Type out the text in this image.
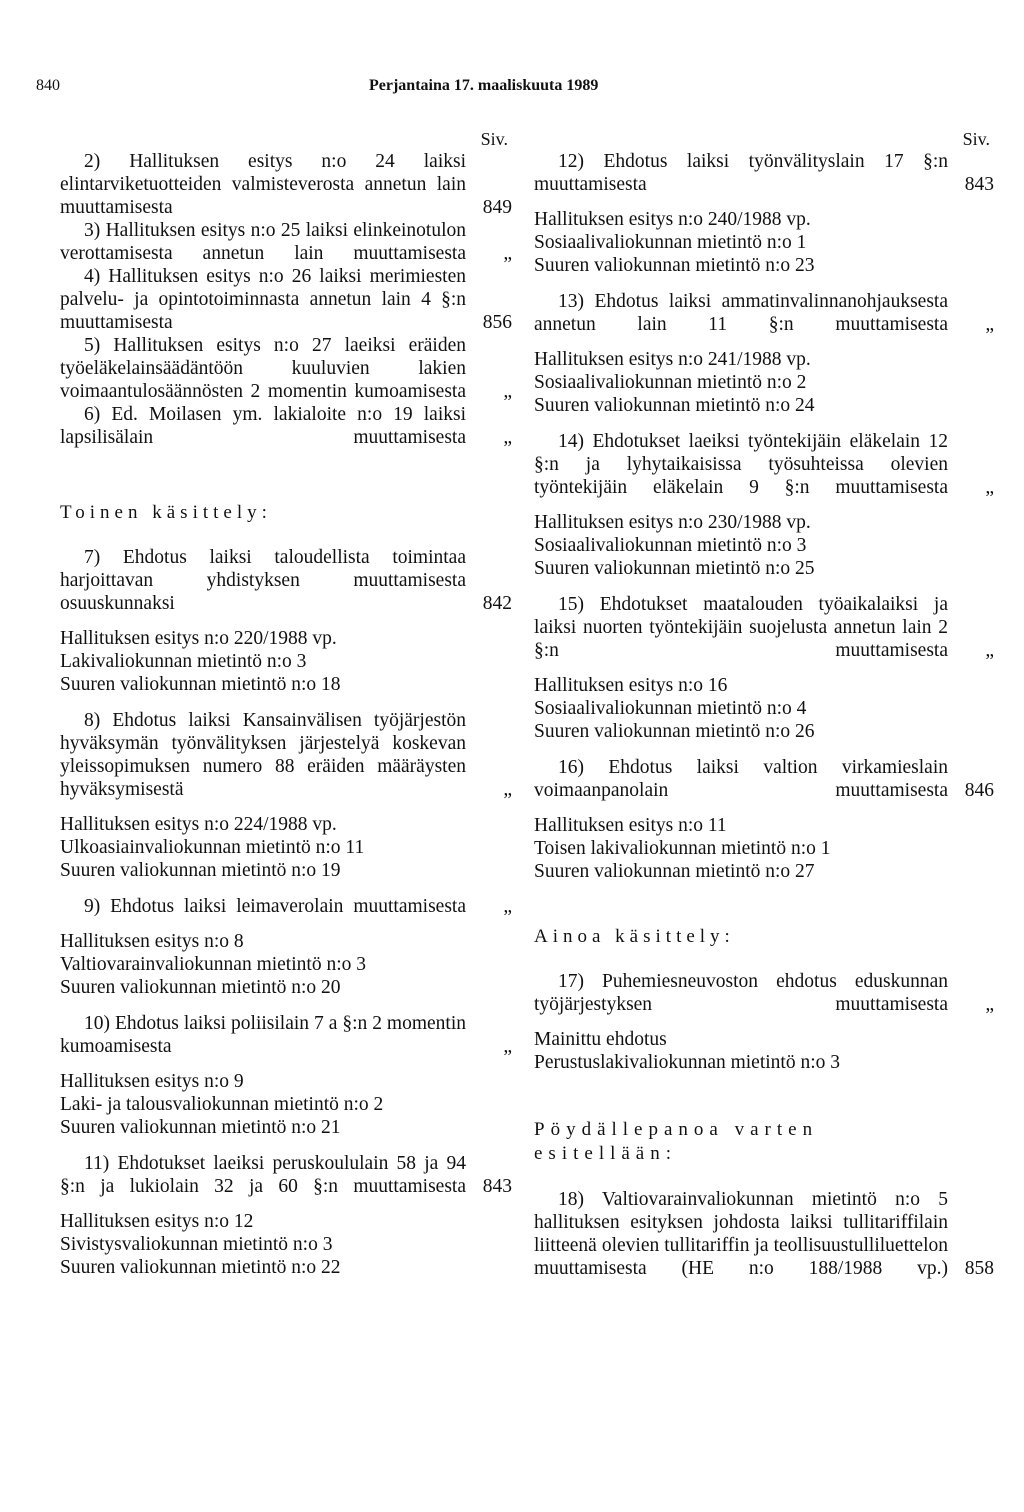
840	Perjantaina 17. maaliskuuta 1989
Siv.
2) Hallituksen esitys n:o 24 laiksi elintarviketuotteiden valmisteverosta annetun lain muuttamisesta	849
3) Hallituksen esitys n:o 25 laiksi elinkeinotulon verottamisesta annetun lain muuttamisesta	„
4) Hallituksen esitys n:o 26 laiksi merimiesten palvelu- ja opintotoiminnasta annetun lain 4 §:n muuttamisesta	856
5) Hallituksen esitys n:o 27 laeiksi eräiden työeläkelainsäädäntöön kuuluvien lakien voimaantulosäännösten 2 momentin kumoamisesta	„
6) Ed. Moilasen ym. lakialoite n:o 19 laiksi lapsilisälain muuttamisesta	„
Toinen käsittely:
7) Ehdotus laiksi taloudellista toimintaa harjoittavan yhdistyksen muuttamisesta osuuskunnaksi	842
Hallituksen esitys n:o 220/1988 vp.
Lakivaliokunnan mietintö n:o 3
Suuren valiokunnan mietintö n:o 18
8) Ehdotus laiksi Kansainvälisen työjärjestön hyväksymän työnvälityksen järjestelyä koskevan yleissopimuksen numero 88 eräiden määräysten hyväksymisestä	„
Hallituksen esitys n:o 224/1988 vp.
Ulkoasiainvaliokunnan mietintö n:o 11
Suuren valiokunnan mietintö n:o 19
9) Ehdotus laiksi leimaverolain muuttamisesta	„
Hallituksen esitys n:o 8
Valtiovarainvaliokunnan mietintö n:o 3
Suuren valiokunnan mietintö n:o 20
10) Ehdotus laiksi poliisilain 7 a §:n 2 momentin kumoamisesta	„
Hallituksen esitys n:o 9
Laki- ja talousvaliokunnan mietintö n:o 2
Suuren valiokunnan mietintö n:o 21
11) Ehdotukset laeiksi peruskoululain 58 ja 94 §:n ja lukiolain 32 ja 60 §:n muuttamisesta 843
Hallituksen esitys n:o 12
Sivistysvaliokunnan mietintö n:o 3
Suuren valiokunnan mietintö n:o 22
Siv.
12) Ehdotus laiksi työnvälityslain 17 §:n muuttamisesta	843
Hallituksen esitys n:o 240/1988 vp.
Sosiaalivaliokunnan mietintö n:o 1
Suuren valiokunnan mietintö n:o 23
13) Ehdotus laiksi ammatinvalinnanohjauksesta annetun lain 11 §:n muuttamisesta	„
Hallituksen esitys n:o 241/1988 vp.
Sosiaalivaliokunnan mietintö n:o 2
Suuren valiokunnan mietintö n:o 24
14) Ehdotukset laeiksi työntekijäin eläkelain 12 §:n ja lyhytaikaisissa työsuhteissa olevien työntekijäin eläkelain 9 §:n muuttamisesta	„
Hallituksen esitys n:o 230/1988 vp.
Sosiaalivaliokunnan mietintö n:o 3
Suuren valiokunnan mietintö n:o 25
15) Ehdotukset maatalouden työaikalaiksi ja laiksi nuorten työntekijäin suojelusta annetun lain 2 §:n muuttamisesta	„
Hallituksen esitys n:o 16
Sosiaalivaliokunnan mietintö n:o 4
Suuren valiokunnan mietintö n:o 26
16) Ehdotus laiksi valtion virkamieslain voimaanpanolain muuttamisesta 846
Hallituksen esitys n:o 11
Toisen lakivaliokunnan mietintö n:o 1
Suuren valiokunnan mietintö n:o 27
Ainoa käsittely:
17) Puhemiesneuvoston ehdotus eduskunnan työjärjestyksen muuttamisesta	„
Mainittu ehdotus
Perustuslakivaliokunnan mietintö n:o 3
Pöydällepanoa varten esitellään:
18) Valtiovarainvaliokunnan mietintö n:o 5 hallituksen esityksen johdosta laiksi tullitariffilain liitteenä olevien tullitariffin ja teollisuustulliluettelon muuttamisesta (HE n:o 188/1988 vp.) 858
